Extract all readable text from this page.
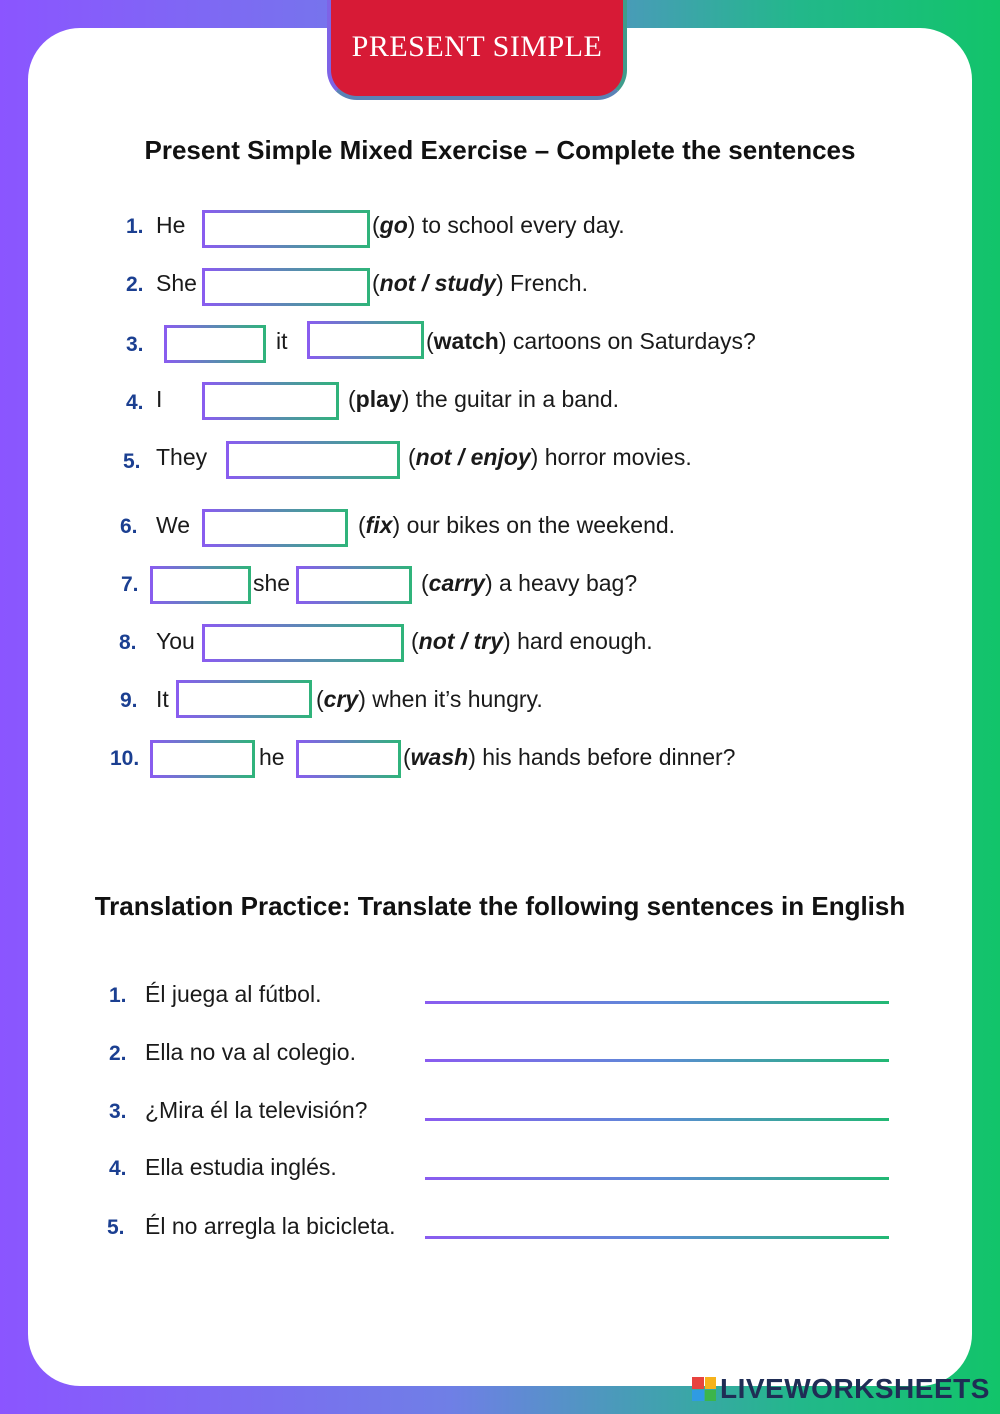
PRESENT SIMPLE
Present Simple Mixed Exercise – Complete the sentences
1. He	(go) to school every day.
2. She	(not / study) French.
3.	it	(watch) cartoons on Saturdays?
4. I	(play) the guitar in a band.
5. They	(not / enjoy) horror movies.
6. We	(fix) our bikes on the weekend.
7.	she	(carry) a heavy bag?
8. You	(not / try) hard enough.
9. It	(cry) when it’s hungry.
10.	he	(wash) his hands before dinner?
Translation Practice: Translate the following sentences in English
1. Él juega al fútbol.
2. Ella no va al colegio.
3. ¿Mira él la televisión?
4. Ella estudia inglés.
5. Él no arregla la bicicleta.
LIVEWORKSHEETS
